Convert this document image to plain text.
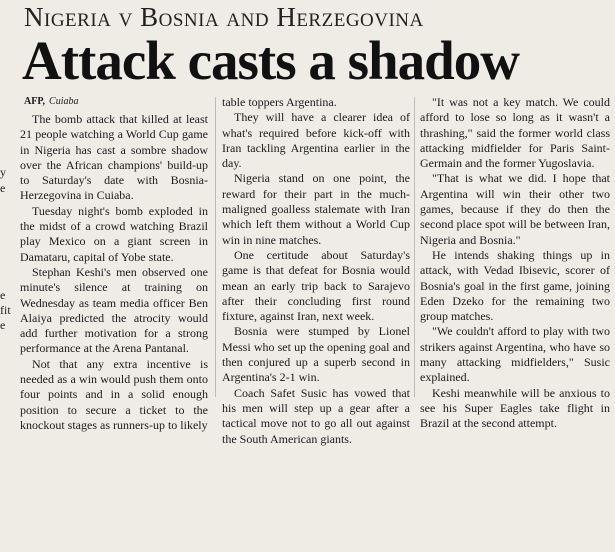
y
e
e
fit
e
Nigeria v Bosnia and Herzegovina
Attack casts a shadow
AFP, Cuiaba

The bomb attack that killed at least 21 people watching a World Cup game in Nigeria has cast a sombre shadow over the African champions' build-up to Saturday's date with Bosnia-Herzegovina in Cuiaba.

Tuesday night's bomb exploded in the midst of a crowd watching Brazil play Mexico on a giant screen in Damataru, capital of Yobe state.

Stephan Keshi's men observed one minute's silence at training on Wednesday as team media officer Ben Alaiya predicted the atrocity would add further motivation for a strong performance at the Arena Pantanal.

Not that any extra incentive is needed as a win would push them onto four points and in a solid enough position to secure a ticket to the knockout stages as runners-up to likely

table toppers Argentina.

They will have a clearer idea of what's required before kick-off with Iran tackling Argentina earlier in the day.

Nigeria stand on one point, the reward for their part in the much-maligned goalless stalemate with Iran which left them without a World Cup win in nine matches.

One certitude about Saturday's game is that defeat for Bosnia would mean an early trip back to Sarajevo after their concluding first round fixture, against Iran, next week.

Bosnia were stumped by Lionel Messi who set up the opening goal and then conjured up a superb second in Argentina's 2-1 win.

Coach Safet Susic has vowed that his men will step up a gear after a tactical move not to go all out against the South American giants.

"It was not a key match. We could afford to lose so long as it wasn't a thrashing," said the former world class attacking midfielder for Paris Saint-Germain and the former Yugoslavia.

"That is what we did. I hope that Argentina will win their other two games, because if they do then the second place spot will be between Iran, Nigeria and Bosnia."

He intends shaking things up in attack, with Vedad Ibisevic, scorer of Bosnia's goal in the first game, joining Eden Dzeko for the remaining two group matches.

"We couldn't afford to play with two strikers against Argentina, who have so many attacking midfielders," Susic explained.

Keshi meanwhile will be anxious to see his Super Eagles take flight in Brazil at the second attempt.
